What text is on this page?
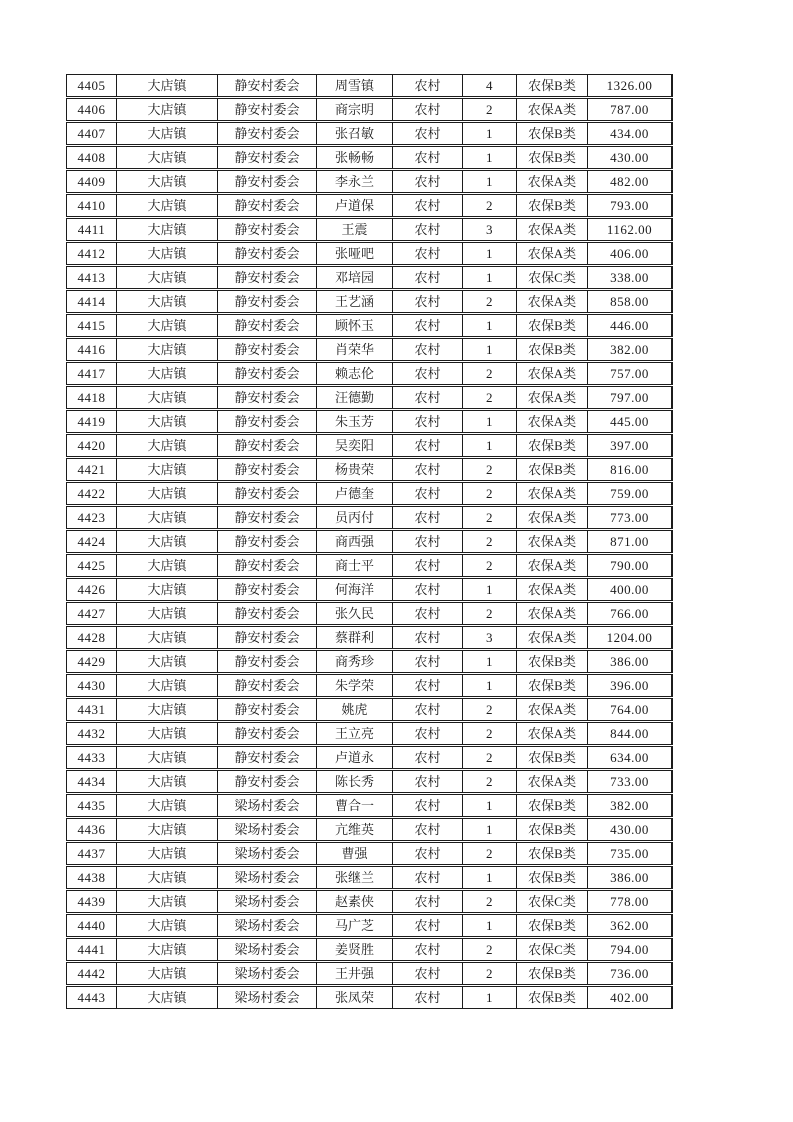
4405	大店镇	静安村委会	周雪镇	农村	4	农保B类	1326.00
4406	大店镇	静安村委会	商宗明	农村	2	农保A类	787.00
4407	大店镇	静安村委会	张召敏	农村	1	农保B类	434.00
4408	大店镇	静安村委会	张畅畅	农村	1	农保B类	430.00
4409	大店镇	静安村委会	李永兰	农村	1	农保A类	482.00
4410	大店镇	静安村委会	卢道保	农村	2	农保B类	793.00
4411	大店镇	静安村委会	王震	农村	3	农保A类	1162.00
4412	大店镇	静安村委会	张哑吧	农村	1	农保A类	406.00
4413	大店镇	静安村委会	邓培园	农村	1	农保C类	338.00
4414	大店镇	静安村委会	王艺涵	农村	2	农保A类	858.00
4415	大店镇	静安村委会	顾怀玉	农村	1	农保B类	446.00
4416	大店镇	静安村委会	肖荣华	农村	1	农保B类	382.00
4417	大店镇	静安村委会	赖志伦	农村	2	农保A类	757.00
4418	大店镇	静安村委会	汪德勤	农村	2	农保A类	797.00
4419	大店镇	静安村委会	朱玉芳	农村	1	农保A类	445.00
4420	大店镇	静安村委会	吴奕阳	农村	1	农保B类	397.00
4421	大店镇	静安村委会	杨贵荣	农村	2	农保B类	816.00
4422	大店镇	静安村委会	卢德奎	农村	2	农保A类	759.00
4423	大店镇	静安村委会	员丙付	农村	2	农保A类	773.00
4424	大店镇	静安村委会	商西强	农村	2	农保A类	871.00
4425	大店镇	静安村委会	商士平	农村	2	农保A类	790.00
4426	大店镇	静安村委会	何海洋	农村	1	农保A类	400.00
4427	大店镇	静安村委会	张久民	农村	2	农保A类	766.00
4428	大店镇	静安村委会	蔡群利	农村	3	农保A类	1204.00
4429	大店镇	静安村委会	商秀珍	农村	1	农保B类	386.00
4430	大店镇	静安村委会	朱学荣	农村	1	农保B类	396.00
4431	大店镇	静安村委会	姚虎	农村	2	农保A类	764.00
4432	大店镇	静安村委会	王立亮	农村	2	农保A类	844.00
4433	大店镇	静安村委会	卢道永	农村	2	农保B类	634.00
4434	大店镇	静安村委会	陈长秀	农村	2	农保A类	733.00
4435	大店镇	梁场村委会	曹合一	农村	1	农保B类	382.00
4436	大店镇	梁场村委会	亢维英	农村	1	农保B类	430.00
4437	大店镇	梁场村委会	曹强	农村	2	农保B类	735.00
4438	大店镇	梁场村委会	张继兰	农村	1	农保B类	386.00
4439	大店镇	梁场村委会	赵素侠	农村	2	农保C类	778.00
4440	大店镇	梁场村委会	马广芝	农村	1	农保B类	362.00
4441	大店镇	梁场村委会	姜贤胜	农村	2	农保C类	794.00
4442	大店镇	梁场村委会	王井强	农村	2	农保B类	736.00
4443	大店镇	梁场村委会	张凤荣	农村	1	农保B类	402.00
